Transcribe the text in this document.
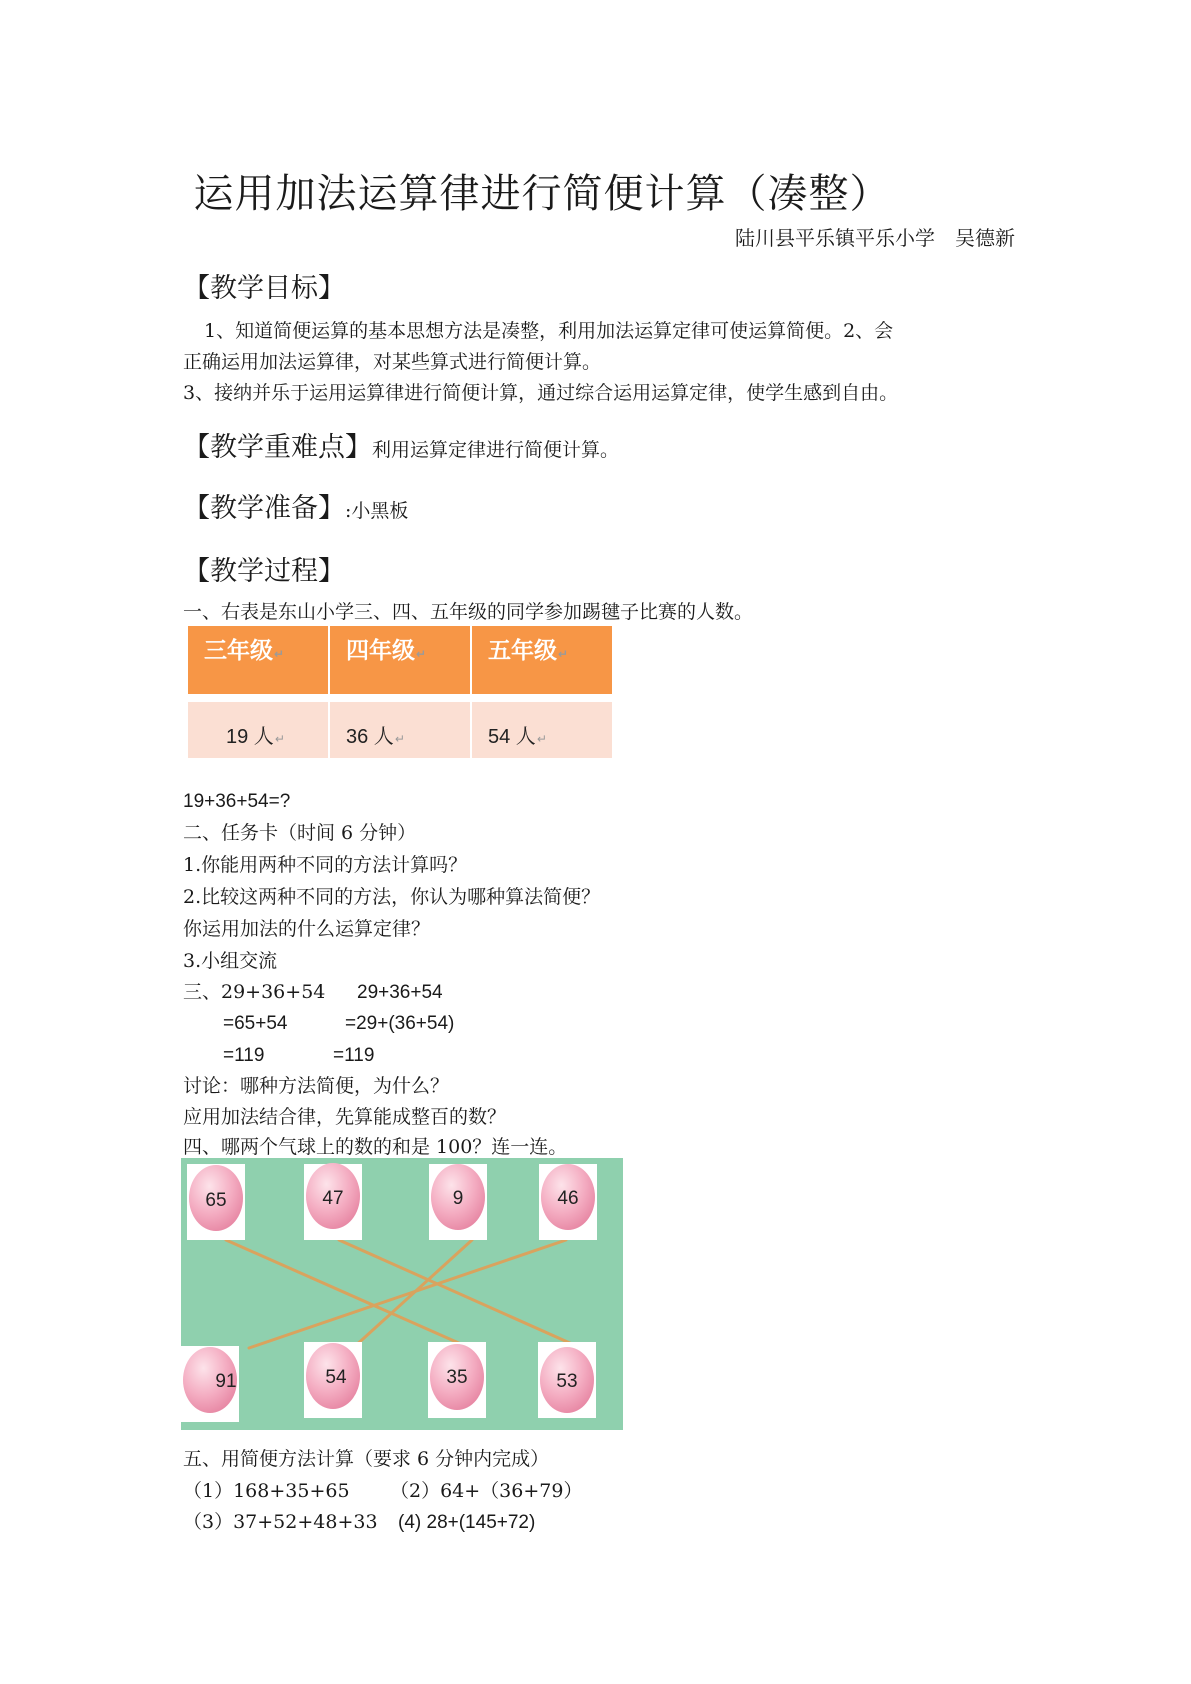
运用加法运算律进行简便计算（凑整）
陆川县平乐镇平乐小学　吴德新
【教学目标】
1、知道简便运算的基本思想方法是凑整，利用加法运算定律可使运算简便。2、会
正确运用加法运算律，对某些算式进行简便计算。
3、接纳并乐于运用运算律进行简便计算，通过综合运用运算定律，使学生感到自由。
【教学重难点】利用运算定律进行简便计算。
【教学准备】:小黑板
【教学过程】
一、右表是东山小学三、四、五年级的同学参加踢毽子比赛的人数。
三年级↵	四年级↵	五年级↵
19 人↵	36 人↵	54 人↵
19+36+54=?
二、任务卡（时间 6 分钟）
1.你能用两种不同的方法计算吗？
2.比较这两种不同的方法，你认为哪种算法简便？
你运用加法的什么运算定律？
3.小组交流
三、29+36+54 29+36+54
=65+54	=29+(36+54)
=119	=119
讨论：哪种方法简便，为什么？
应用加法结合律，先算能成整百的数？
四、哪两个气球上的数的和是 100？连一连。
65	47	9	46
91	54	35	53
五、用简便方法计算（要求 6 分钟内完成）
（1）168+35+65 （2）64+（36+79）
（3）37+52+48+33 (4) 28+(145+72)
